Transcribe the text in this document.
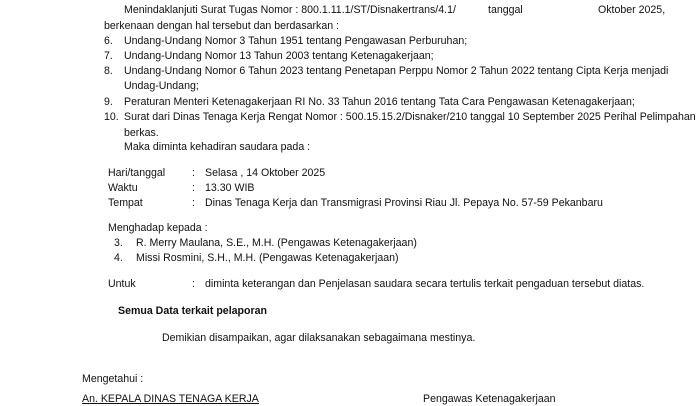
Menindaklanjuti Surat Tugas Nomor : 800.1.11.1/ST/Disnakertrans/4.1/	tanggal	Oktober 2025,
berkenaan dengan hal tersebut dan berdasarkan :
6. Undang-Undang Nomor 3 Tahun 1951 tentang Pengawasan Perburuhan;
7. Undang-Undang Nomor 13 Tahun 2003 tentang Ketenagakerjaan;
8. Undang-Undang Nomor 6 Tahun 2023 tentang Penetapan Perppu Nomor 2 Tahun 2022 tentang Cipta Kerja menjadi
Undag-Undang;
9. Peraturan Menteri Ketenagakerjaan RI No. 33 Tahun 2016 tentang Tata Cara Pengawasan Ketenagakerjaan;
10. Surat dari Dinas Tenaga Kerja Rengat Nomor : 500.15.15.2/Disnaker/210 tanggal 10 September 2025 Perihal Pelimpahan
berkas.
Maka diminta kehadiran saudara pada :
Hari/tanggal	: Selasa , 14 Oktober 2025
Waktu	: 13.30 WIB
Tempat	: Dinas Tenaga Kerja dan Transmigrasi Provinsi Riau Jl. Pepaya No. 57-59 Pekanbaru
Menghadap kepada :
3. R. Merry Maulana, S.E., M.H. (Pengawas Ketenagakerjaan)
4. Missi Rosmini, S.H., M.H. (Pengawas Ketenagakerjaan)
Untuk	: diminta keterangan dan Penjelasan saudara secara tertulis terkait pengaduan tersebut diatas.
Semua Data terkait pelaporan
Demikian disampaikan, agar dilaksanakan sebagaimana mestinya.
Mengetahui :
An. KEPALA DINAS TENAGA KERJA	Pengawas Ketenagakerjaan
